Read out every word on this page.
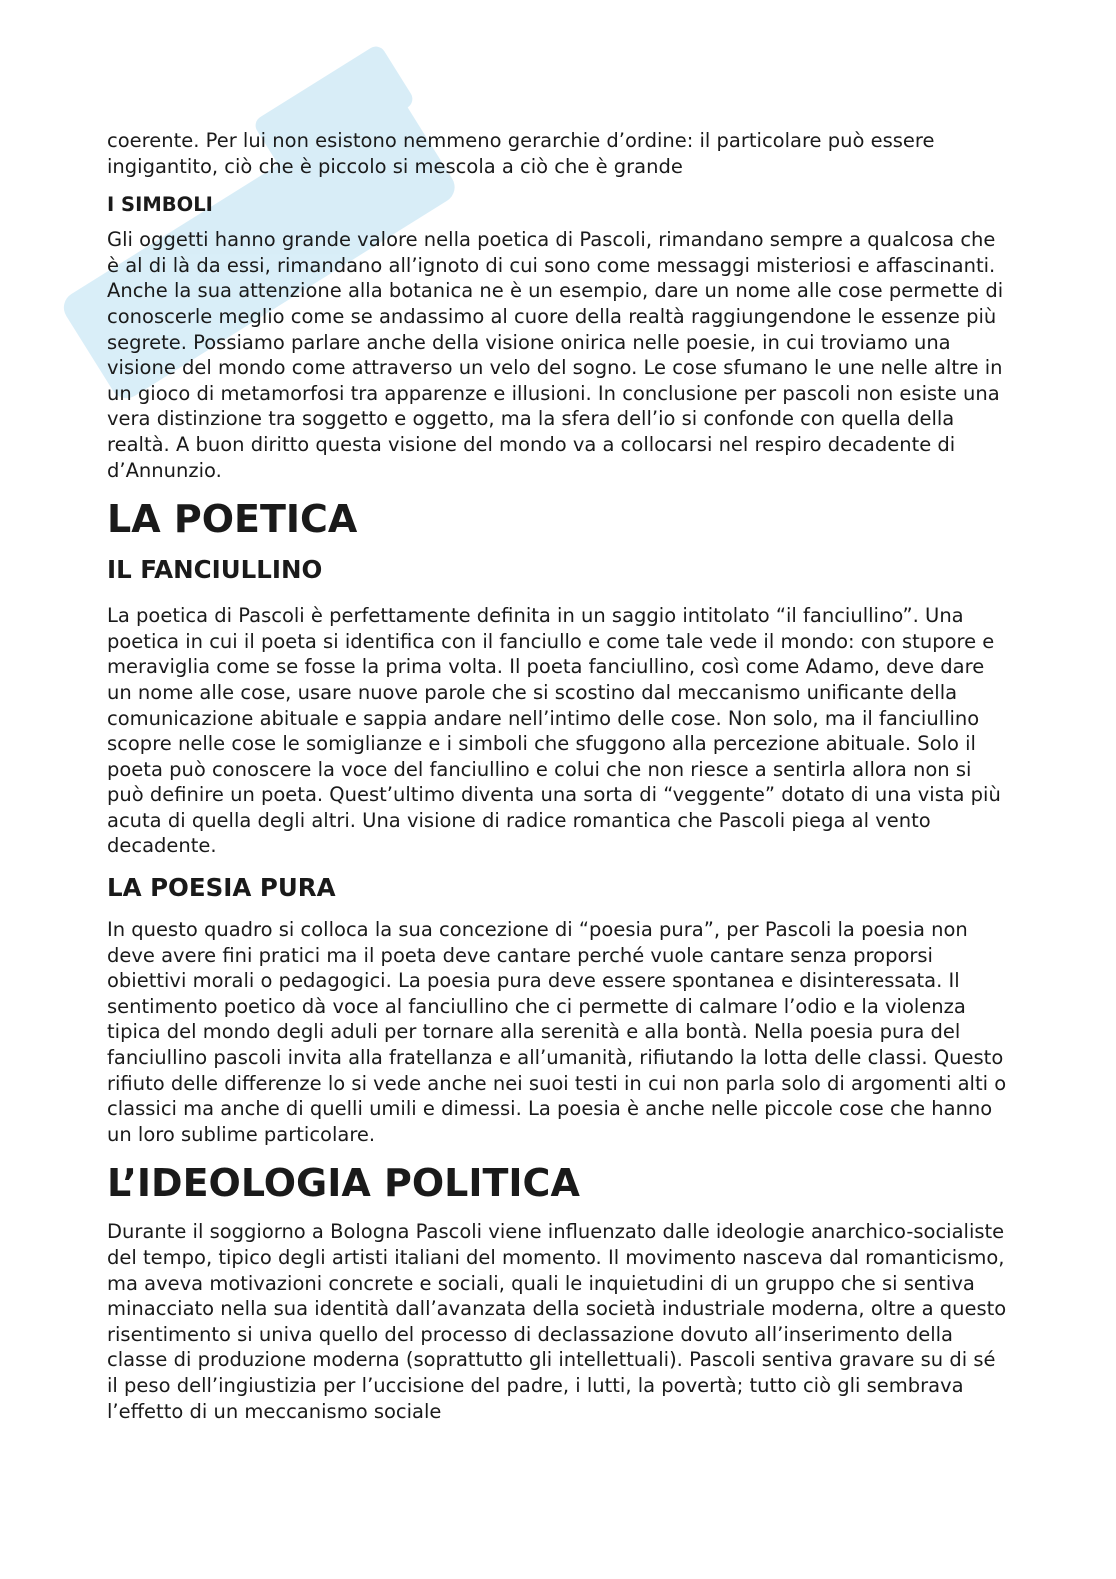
coerente. Per lui non esistono nemmeno gerarchie d’ordine: il particolare può essere ingigantito, ciò che è piccolo si mescola a ciò che è grande

I SIMBOLI

Gli oggetti hanno grande valore nella poetica di Pascoli, rimandano sempre a qualcosa che è al di là da essi, rimandano all’ignoto di cui sono come messaggi misteriosi e affascinanti. Anche la sua attenzione alla botanica ne è un esempio, dare un nome alle cose permette di conoscerle meglio come se andassimo al cuore della realtà raggiungendone le essenze più segrete. Possiamo parlare anche della visione onirica nelle poesie, in cui troviamo una visione del mondo come attraverso un velo del sogno. Le cose sfumano le une nelle altre in un gioco di metamorfosi tra apparenze e illusioni. In conclusione per pascoli non esiste una vera distinzione tra soggetto e oggetto, ma la sfera dell’io si confonde con quella della realtà. A buon diritto questa visione del mondo va a collocarsi nel respiro decadente di d’Annunzio.

LA POETICA
IL FANCIULLINO

La poetica di Pascoli è perfettamente definita in un saggio intitolato “il fanciullino”. Una poetica in cui il poeta si identifica con il fanciullo e come tale vede il mondo: con stupore e meraviglia come se fosse la prima volta. Il poeta fanciullino, così come Adamo, deve dare un nome alle cose, usare nuove parole che si scostino dal meccanismo unificante della comunicazione abituale e sappia andare nell’intimo delle cose. Non solo, ma il fanciullino scopre nelle cose le somiglianze e i simboli che sfuggono alla percezione abituale. Solo il poeta può conoscere la voce del fanciullino e colui che non riesce a sentirla allora non si può definire un poeta. Quest’ultimo diventa una sorta di “veggente” dotato di una vista più acuta di quella degli altri. Una visione di radice romantica che Pascoli piega al vento decadente.

LA POESIA PURA

In questo quadro si colloca la sua concezione di “poesia pura”, per Pascoli la poesia non deve avere fini pratici ma il poeta deve cantare perché vuole cantare senza proporsi obiettivi morali o pedagogici. La poesia pura deve essere spontanea e disinteressata. Il sentimento poetico dà voce al fanciullino che ci permette di calmare l’odio e la violenza tipica del mondo degli aduli per tornare alla serenità e alla bontà. Nella poesia pura del fanciullino pascoli invita alla fratellanza e all’umanità, rifiutando la lotta delle classi. Questo rifiuto delle differenze lo si vede anche nei suoi testi in cui non parla solo di argomenti alti o classici ma anche di quelli umili e dimessi. La poesia è anche nelle piccole cose che hanno un loro sublime particolare.

L’IDEOLOGIA POLITICA

Durante il soggiorno a Bologna Pascoli viene influenzato dalle ideologie anarchico-socialiste del tempo, tipico degli artisti italiani del momento. Il movimento nasceva dal romanticismo, ma aveva motivazioni concrete e sociali, quali le inquietudini di un gruppo che si sentiva minacciato nella sua identità dall’avanzata della società industriale moderna, oltre a questo risentimento si univa quello del processo di declassazione dovuto all’inserimento della classe di produzione moderna (soprattutto gli intellettuali). Pascoli sentiva gravare su di sé il peso dell’ingiustizia per l’uccisione del padre, i lutti, la povertà; tutto ciò gli sembrava l’effetto di un meccanismo sociale
